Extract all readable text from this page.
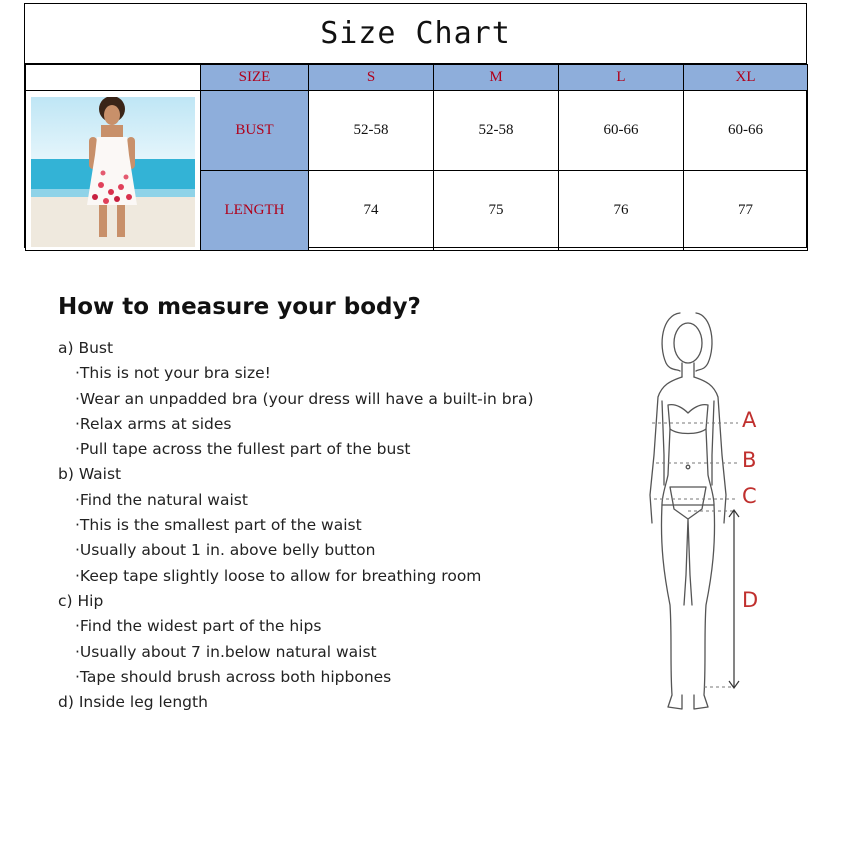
Size Chart
	SIZE	S	M	L	XL

	BUST	52-58	52-58	60-66	60-66
	LENGTH	74	75	76	77
How to measure your body?
a) Bust
·This is not your bra size!
·Wear an unpadded bra (your dress will have a built-in bra)
·Relax arms at sides
·Pull tape across the fullest part of the bust
b) Waist
·Find the natural waist
·This is the smallest part of the waist
·Usually about 1 in. above belly button
·Keep tape slightly loose to allow for breathing room
c) Hip
·Find the widest part of the hips
·Usually about 7 in.below natural waist
·Tape should brush across both hipbones
d) Inside leg length
A
B
C
D
